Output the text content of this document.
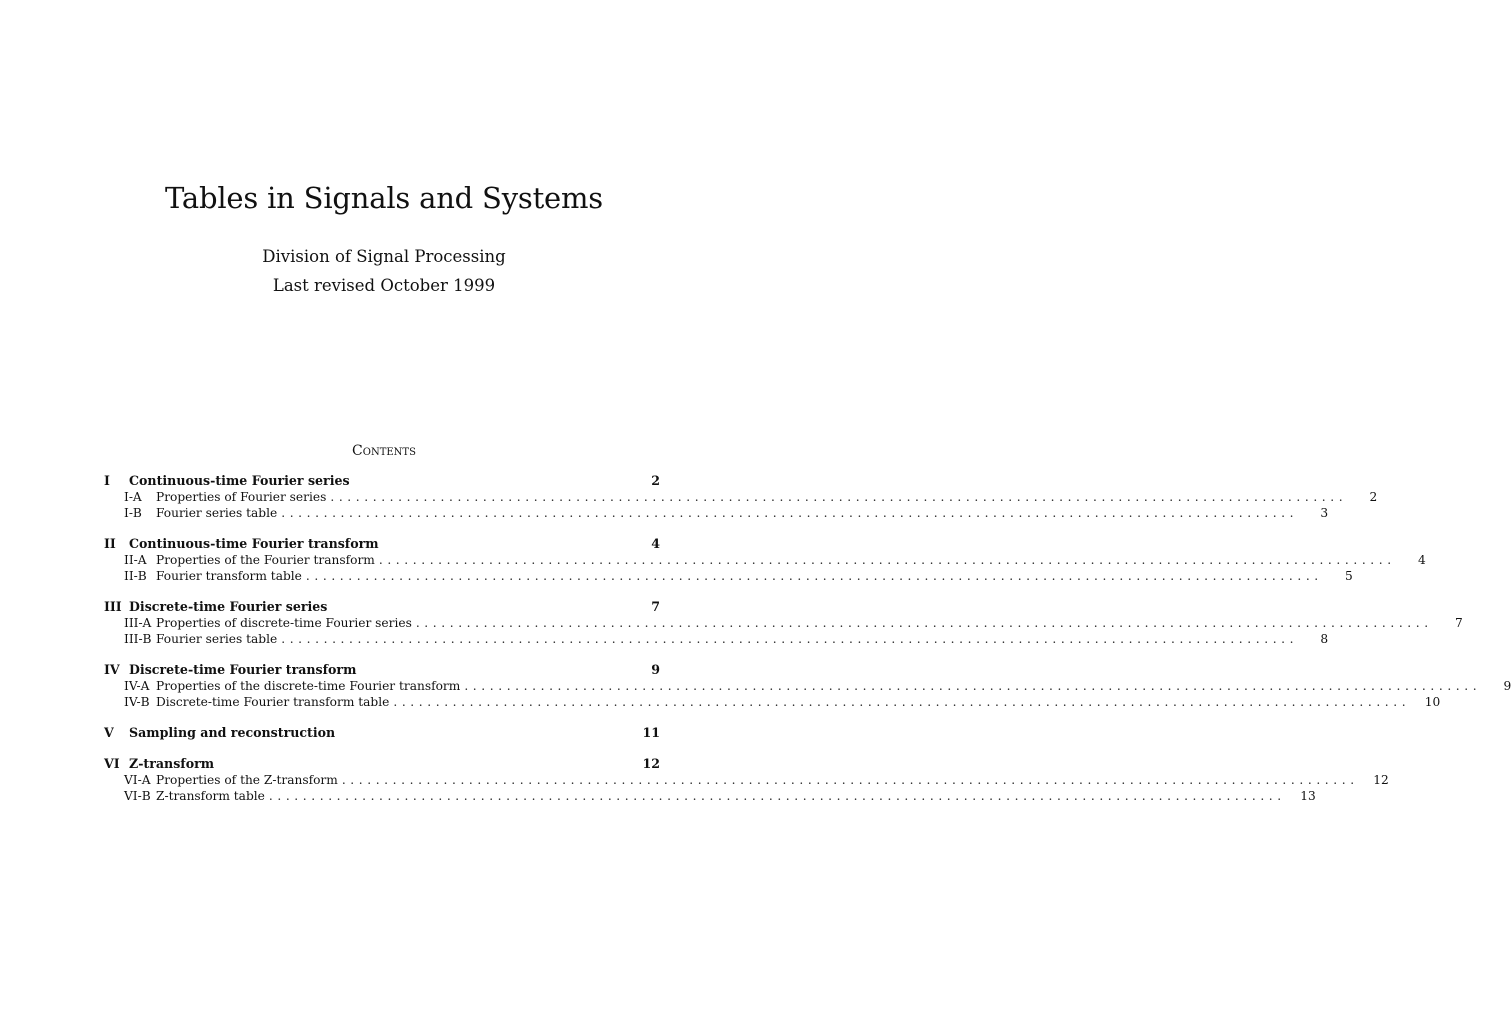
Tables in Signals and Systems
Division of Signal Processing
Last revised October 1999
Contents
I	Continuous-time Fourier series	2
I-A	Properties of Fourier series ........................................................................................................................	2
I-B	Fourier series table ........................................................................................................................	3
II	Continuous-time Fourier transform	4
II-A Properties of the Fourier transform ........................................................................................................................	4
II-B Fourier transform table ........................................................................................................................	5
III Discrete-time Fourier series	7
III-A Properties of discrete-time Fourier series ........................................................................................................................	7
III-B Fourier series table ........................................................................................................................	8
IV Discrete-time Fourier transform	9
IV-A Properties of the discrete-time Fourier transform ........................................................................................................................	9
IV-B Discrete-time Fourier transform table ........................................................................................................................	10
V	Sampling and reconstruction	11
VI Z-transform	12
VI-A Properties of the Z-transform ........................................................................................................................	12
VI-B Z-transform table ........................................................................................................................	13
